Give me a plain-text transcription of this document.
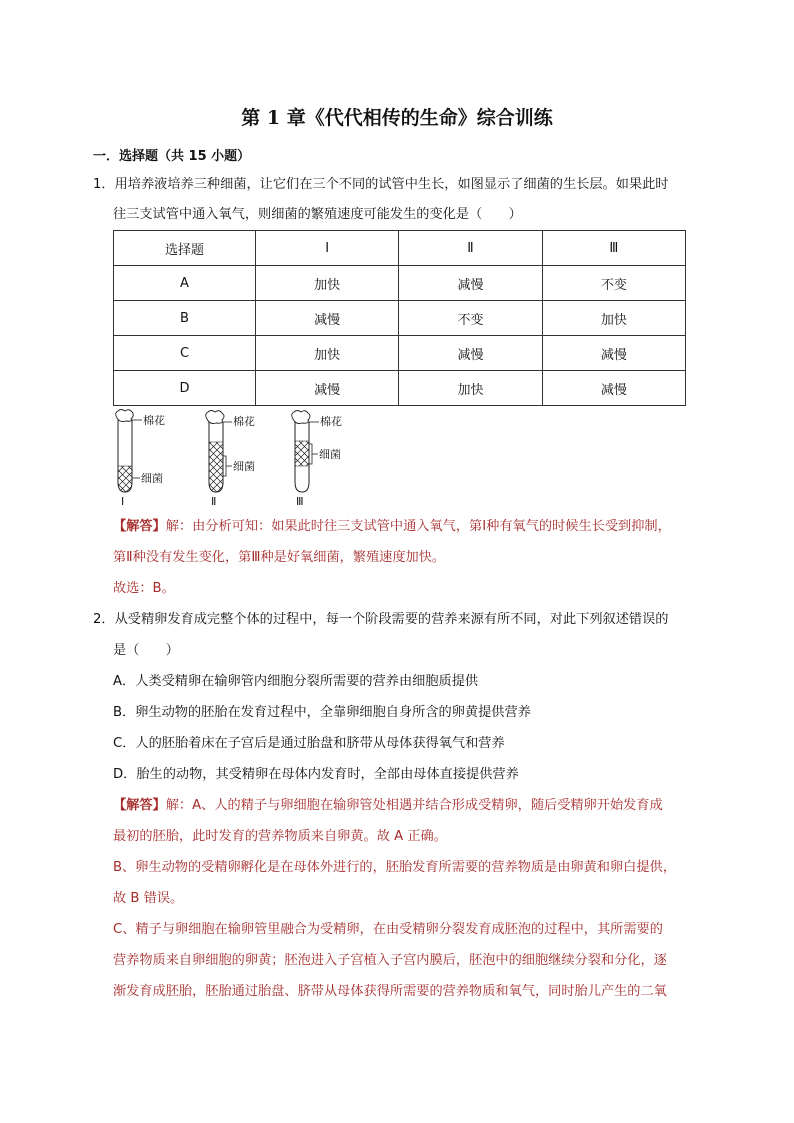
第 1 章《代代相传的生命》综合训练
一．选择题（共 15 小题）
1．用培养液培养三种细菌，让它们在三个不同的试管中生长，如图显示了细菌的生长层。如果此时
往三支试管中通入氧气，则细菌的繁殖速度可能发生的变化是（　　）
选择题	Ⅰ	Ⅱ	Ⅲ
A	加快	减慢	不变
B	减慢	不变	加快
C	加快	减慢	减慢
D	减慢	加快	减慢
棉花
细菌
Ⅰ
棉花
细菌
Ⅱ
棉花
细菌
Ⅲ
【解答】解：由分析可知：如果此时往三支试管中通入氧气，第Ⅰ种有氧气的时候生长受到抑制，
第Ⅱ种没有发生变化，第Ⅲ种是好氧细菌，繁殖速度加快。
故选：B。
2．从受精卵发育成完整个体的过程中，每一个阶段需要的营养来源有所不同，对此下列叙述错误的
是（　　）
A．人类受精卵在输卵管内细胞分裂所需要的营养由细胞质提供
B．卵生动物的胚胎在发育过程中，全靠卵细胞自身所含的卵黄提供营养
C．人的胚胎着床在子宫后是通过胎盘和脐带从母体获得氧气和营养
D．胎生的动物，其受精卵在母体内发育时，全部由母体直接提供营养
【解答】解：A、人的精子与卵细胞在输卵管处相遇并结合形成受精卵，随后受精卵开始发育成
最初的胚胎，此时发育的营养物质来自卵黄。故 A 正确。
B、卵生动物的受精卵孵化是在母体外进行的，胚胎发育所需要的营养物质是由卵黄和卵白提供，
故 B 错误。
C、精子与卵细胞在输卵管里融合为受精卵，在由受精卵分裂发育成胚泡的过程中，其所需要的
营养物质来自卵细胞的卵黄；胚泡进入子宫植入子宫内膜后，胚泡中的细胞继续分裂和分化，逐
渐发育成胚胎，胚胎通过胎盘、脐带从母体获得所需要的营养物质和氧气，同时胎儿产生的二氧
